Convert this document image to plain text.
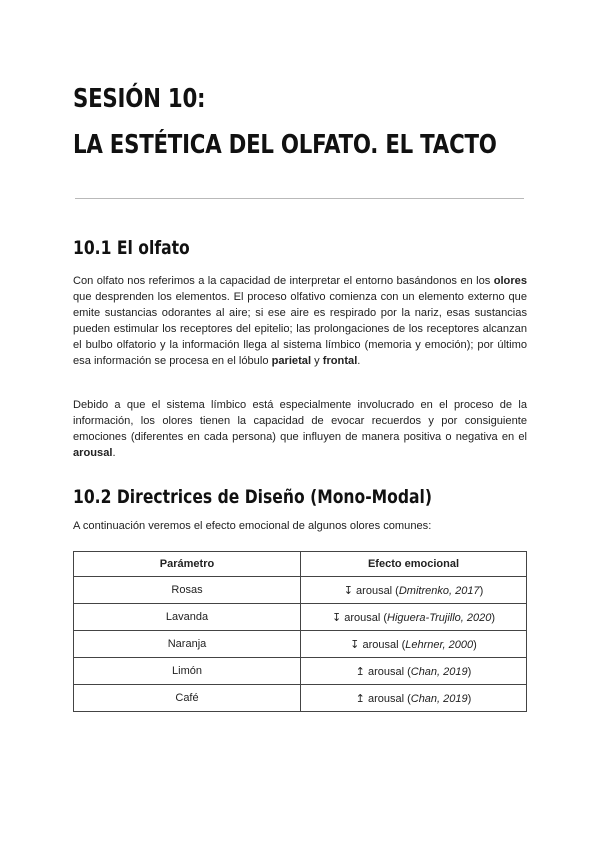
SESIÓN 10:
LA ESTÉTICA DEL OLFATO. EL TACTO
10.1 El olfato
Con olfato nos referimos a la capacidad de interpretar el entorno basándonos en los olores que desprenden los elementos. El proceso olfativo comienza con un elemento externo que emite sustancias odorantes al aire; si ese aire es respirado por la nariz, esas sustancias pueden estimular los receptores del epitelio; las prolongaciones de los receptores alcanzan el bulbo olfatorio y la información llega al sistema límbico (memoria y emoción); por último esa información se procesa en el lóbulo parietal y frontal.
Debido a que el sistema límbico está especialmente involucrado en el proceso de la información, los olores tienen la capacidad de evocar recuerdos y por consiguiente emociones (diferentes en cada persona) que influyen de manera positiva o negativa en el arousal.
10.2 Directrices de Diseño (Mono-Modal)
A continuación veremos el efecto emocional de algunos olores comunes:
Parámetro	Efecto emocional
Rosas	↧ arousal (Dmitrenko, 2017)
Lavanda	↧ arousal (Higuera-Trujillo, 2020)
Naranja	↧ arousal (Lehrner, 2000)
Limón	↥ arousal (Chan, 2019)
Café	↥ arousal (Chan, 2019)
